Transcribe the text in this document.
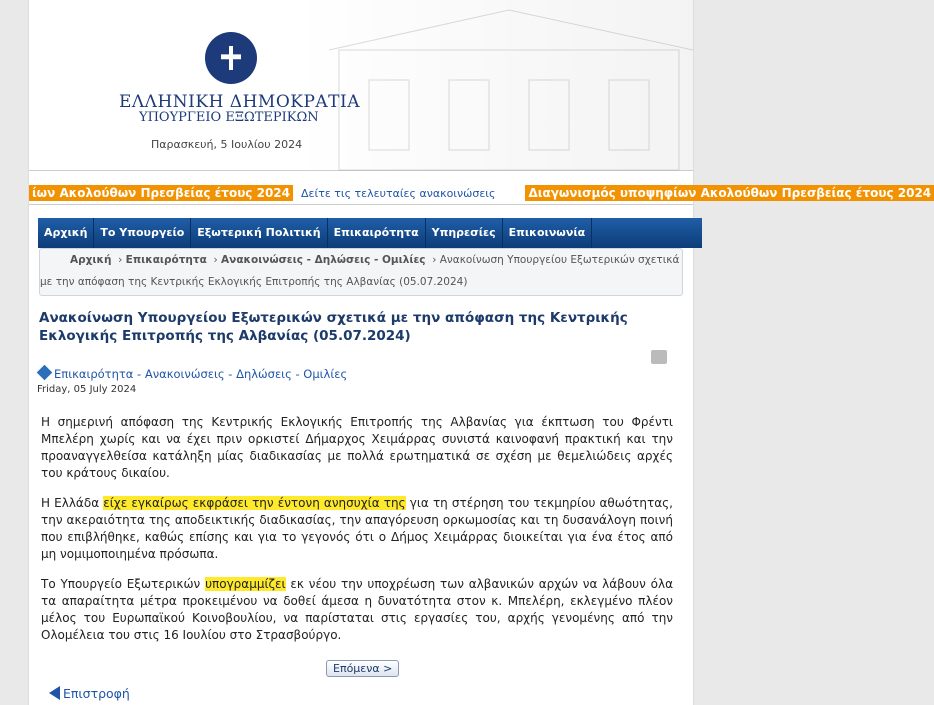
ΕΛΛΗΝΙΚΗ ΔΗΜΟΚΡΑΤΙΑ
ΥΠΟΥΡΓΕΙΟ ΕΞΩΤΕΡΙΚΩΝ
Παρασκευή, 5 Ιουλίου 2024
ίων Ακολούθων Πρεσβείας έτους 2024 Δείτε τις τελευταίες ανακοινώσεις	Διαγωνισμός υποψηφίων Ακολούθων Πρεσβείας έτους 2024
Αρχική	Το Υπουργείο	Εξωτερική Πολιτική	Επικαιρότητα	Υπηρεσίες	Επικοινωνία
Αρχική  › Επικαιρότητα  › Ανακοινώσεις - Δηλώσεις - Ομιλίες  › Ανακοίνωση Υπουργείου Εξωτερικών σχετικά με την απόφαση της Κεντρικής Εκλογικής Επιτροπής της Αλβανίας (05.07.2024)
Ανακοίνωση Υπουργείου Εξωτερικών σχετικά με την απόφαση της Κεντρικής Εκλογικής Επιτροπής της Αλβανίας (05.07.2024)
Επικαιρότητα - Ανακοινώσεις - Δηλώσεις - Ομιλίες
Friday, 05 July 2024

Η σημερινή απόφαση της Κεντρικής Εκλογικής Επιτροπής της Αλβανίας για έκπτωση του Φρέντι Μπελέρη χωρίς και να έχει πριν ορκιστεί Δήμαρχος Χειμάρρας συνιστά καινοφανή πρακτική και την προαναγγελθείσα κατάληξη μίας διαδικασίας με πολλά ερωτηματικά σε σχέση με θεμελιώδεις αρχές του κράτους δικαίου.

Η Ελλάδα είχε εγκαίρως εκφράσει την έντονη ανησυχία της για τη στέρηση του τεκμηρίου αθωότητας, την ακεραιότητα της αποδεικτικής διαδικασίας, την απαγόρευση ορκωμοσίας και τη δυσανάλογη ποινή που επιβλήθηκε, καθώς επίσης και για το γεγονός ότι ο Δήμος Χειμάρρας διοικείται για ένα έτος από μη νομιμοποιημένα πρόσωπα.

Το Υπουργείο Εξωτερικών υπογραμμίζει εκ νέου την υποχρέωση των αλβανικών αρχών να λάβουν όλα τα απαραίτητα μέτρα προκειμένου να δοθεί άμεσα η δυνατότητα στον κ. Μπελέρη, εκλεγμένο πλέον μέλος του Ευρωπαϊκού Κοινοβουλίου, να παρίσταται στις εργασίες του, αρχής γενομένης από την Ολομέλεια του στις 16 Ιουλίου στο Στρασβούργο.

Επόμενα >
Επιστροφή
